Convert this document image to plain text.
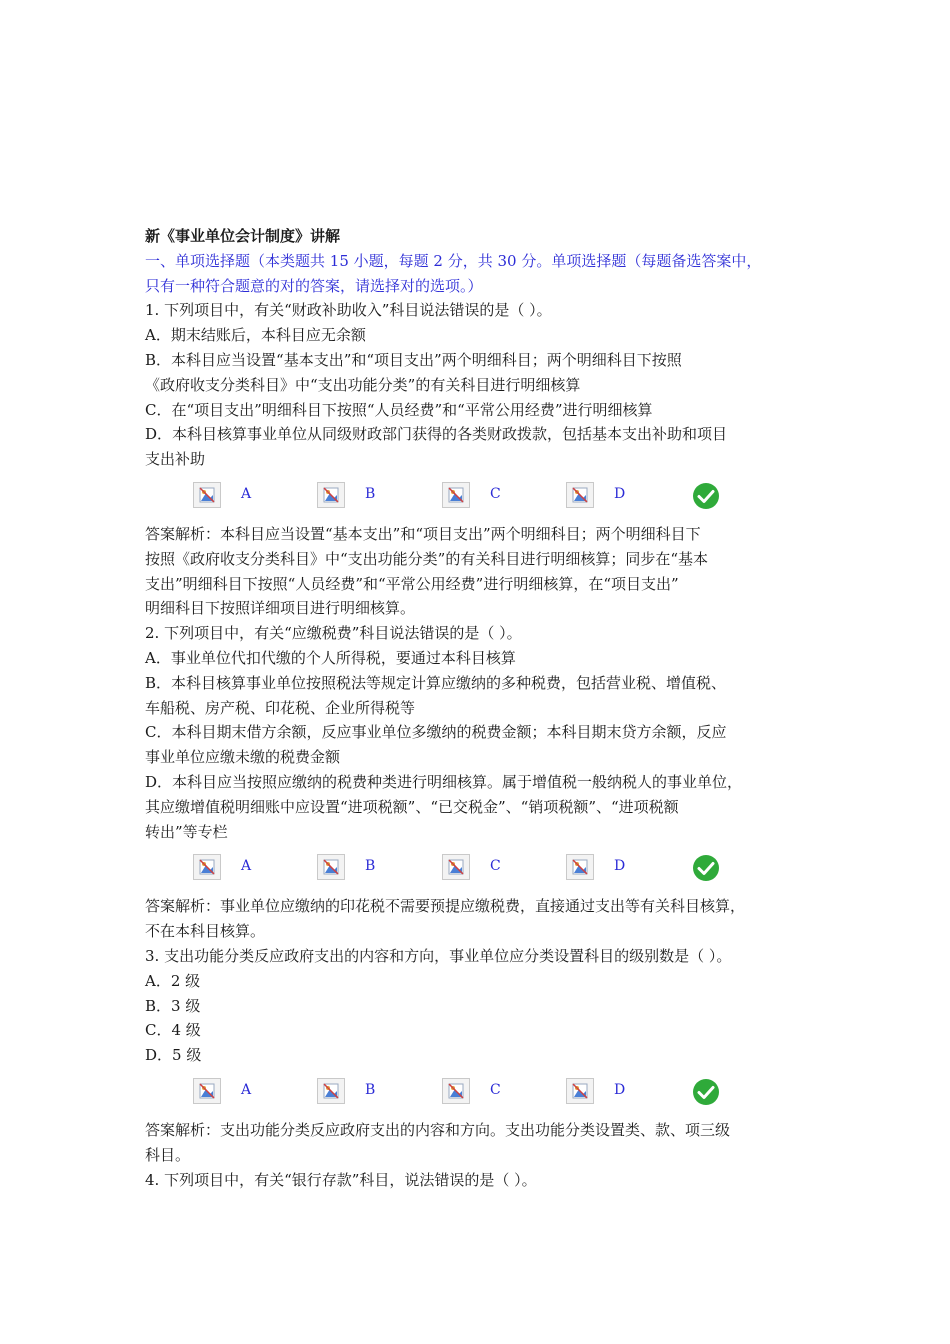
新《事业单位会计制度》讲解
一、单项选择题（本类题共 15 小题，每题 2 分，共 30 分。单项选择题（每题备选答案中，
只有一种符合题意的对的答案，请选择对的选项。）
1. 下列项目中，有关“财政补助收入”科目说法错误的是（ ）。
A．期末结账后，本科目应无余额
B．本科目应当设置“基本支出”和“项目支出”两个明细科目；两个明细科目下按照
《政府收支分类科目》中“支出功能分类”的有关科目进行明细核算
C．在“项目支出”明细科目下按照“人员经费”和“平常公用经费”进行明细核算
D．本科目核算事业单位从同级财政部门获得的各类财政拨款，包括基本支出补助和项目
支出补助
A	B	C	D
答案解析：本科目应当设置“基本支出”和“项目支出”两个明细科目；两个明细科目下
按照《政府收支分类科目》中“支出功能分类”的有关科目进行明细核算；同步在“基本
支出”明细科目下按照“人员经费”和“平常公用经费”进行明细核算，在“项目支出”
明细科目下按照详细项目进行明细核算。
2. 下列项目中，有关“应缴税费”科目说法错误的是（ ）。
A．事业单位代扣代缴的个人所得税，要通过本科目核算
B．本科目核算事业单位按照税法等规定计算应缴纳的多种税费，包括营业税、增值税、
车船税、房产税、印花税、企业所得税等
C．本科目期末借方余额，反应事业单位多缴纳的税费金额；本科目期末贷方余额，反应
事业单位应缴未缴的税费金额
D．本科目应当按照应缴纳的税费种类进行明细核算。属于增值税一般纳税人的事业单位，
其应缴增值税明细账中应设置“进项税额”、“已交税金”、“销项税额”、“进项税额
转出”等专栏
A	B	C	D
答案解析：事业单位应缴纳的印花税不需要预提应缴税费，直接通过支出等有关科目核算，
不在本科目核算。
3. 支出功能分类反应政府支出的内容和方向，事业单位应分类设置科目的级别数是（ ）。
A．2 级
B．3 级
C．4 级
D．5 级
A	B	C	D
答案解析：支出功能分类反应政府支出的内容和方向。支出功能分类设置类、款、项三级
科目。
4. 下列项目中，有关“银行存款”科目，说法错误的是（ ）。
